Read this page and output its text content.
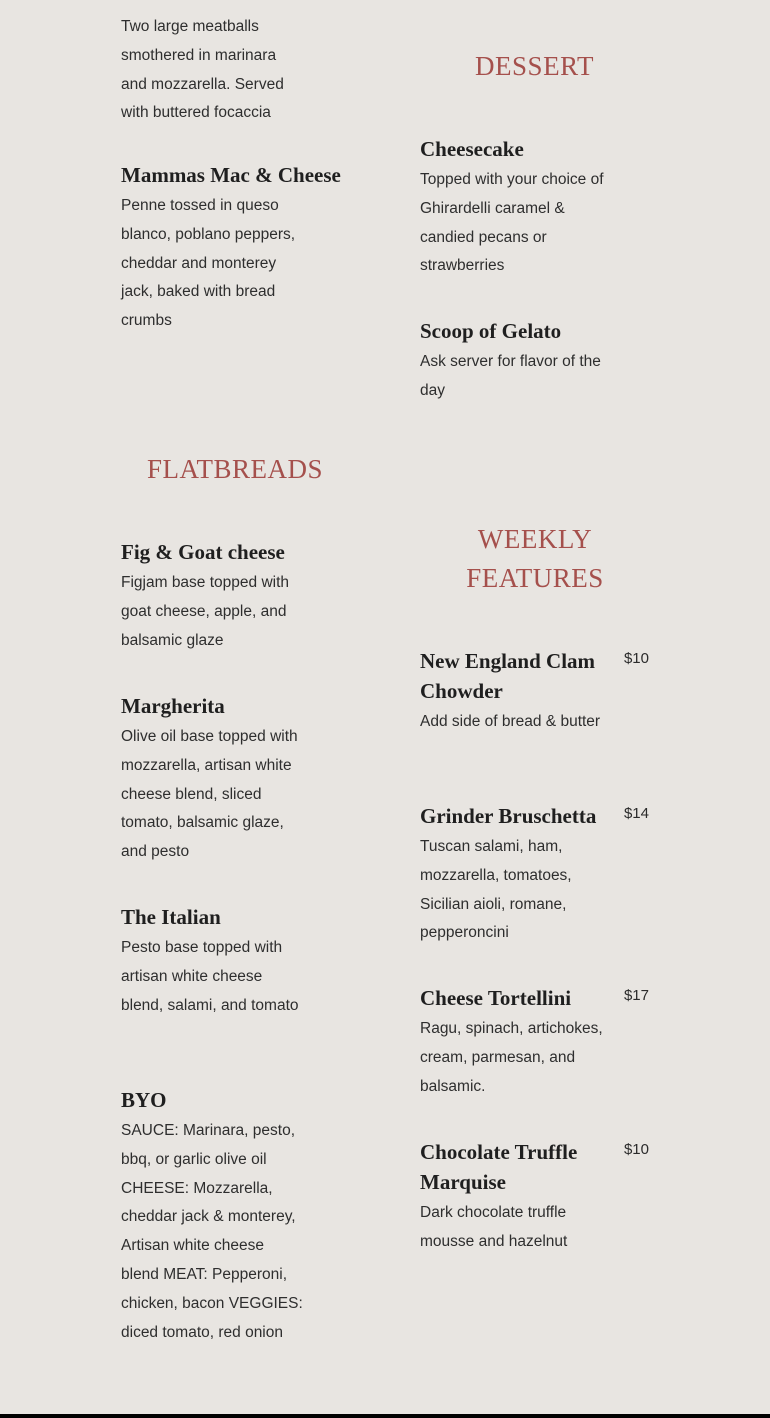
Two large meatballs smothered in marinara and mozzarella. Served with buttered focaccia

Mammas Mac & Cheese

Penne tossed in queso blanco, poblano peppers, cheddar and monterey jack, baked with bread crumbs

FLATBREADS
Fig & Goat cheese

Figjam base topped with goat cheese, apple, and balsamic glaze

Margherita

Olive oil base topped with mozzarella, artisan white cheese blend, sliced tomato, balsamic glaze, and pesto

The Italian

Pesto base topped with artisan white cheese blend, salami, and tomato

BYO

SAUCE: Marinara, pesto, bbq, or garlic olive oil CHEESE: Mozzarella, cheddar jack & monterey, Artisan white cheese blend MEAT: Pepperoni, chicken, bacon VEGGIES: diced tomato, red onion

DESSERT
Cheesecake

Topped with your choice of Ghirardelli caramel & candied pecans or strawberries

Scoop of Gelato

Ask server for flavor of the day

WEEKLY FEATURES
New England Clam Chowder

Add side of bread & butter

$10
Grinder Bruschetta

Tuscan salami, ham, mozzarella, tomatoes, Sicilian aioli, romane, pepperoncini

$14
Cheese Tortellini

Ragu, spinach, artichokes, cream, parmesan, and balsamic.

$17
Chocolate Truffle Marquise

Dark chocolate truffle mousse and hazelnut

$10
